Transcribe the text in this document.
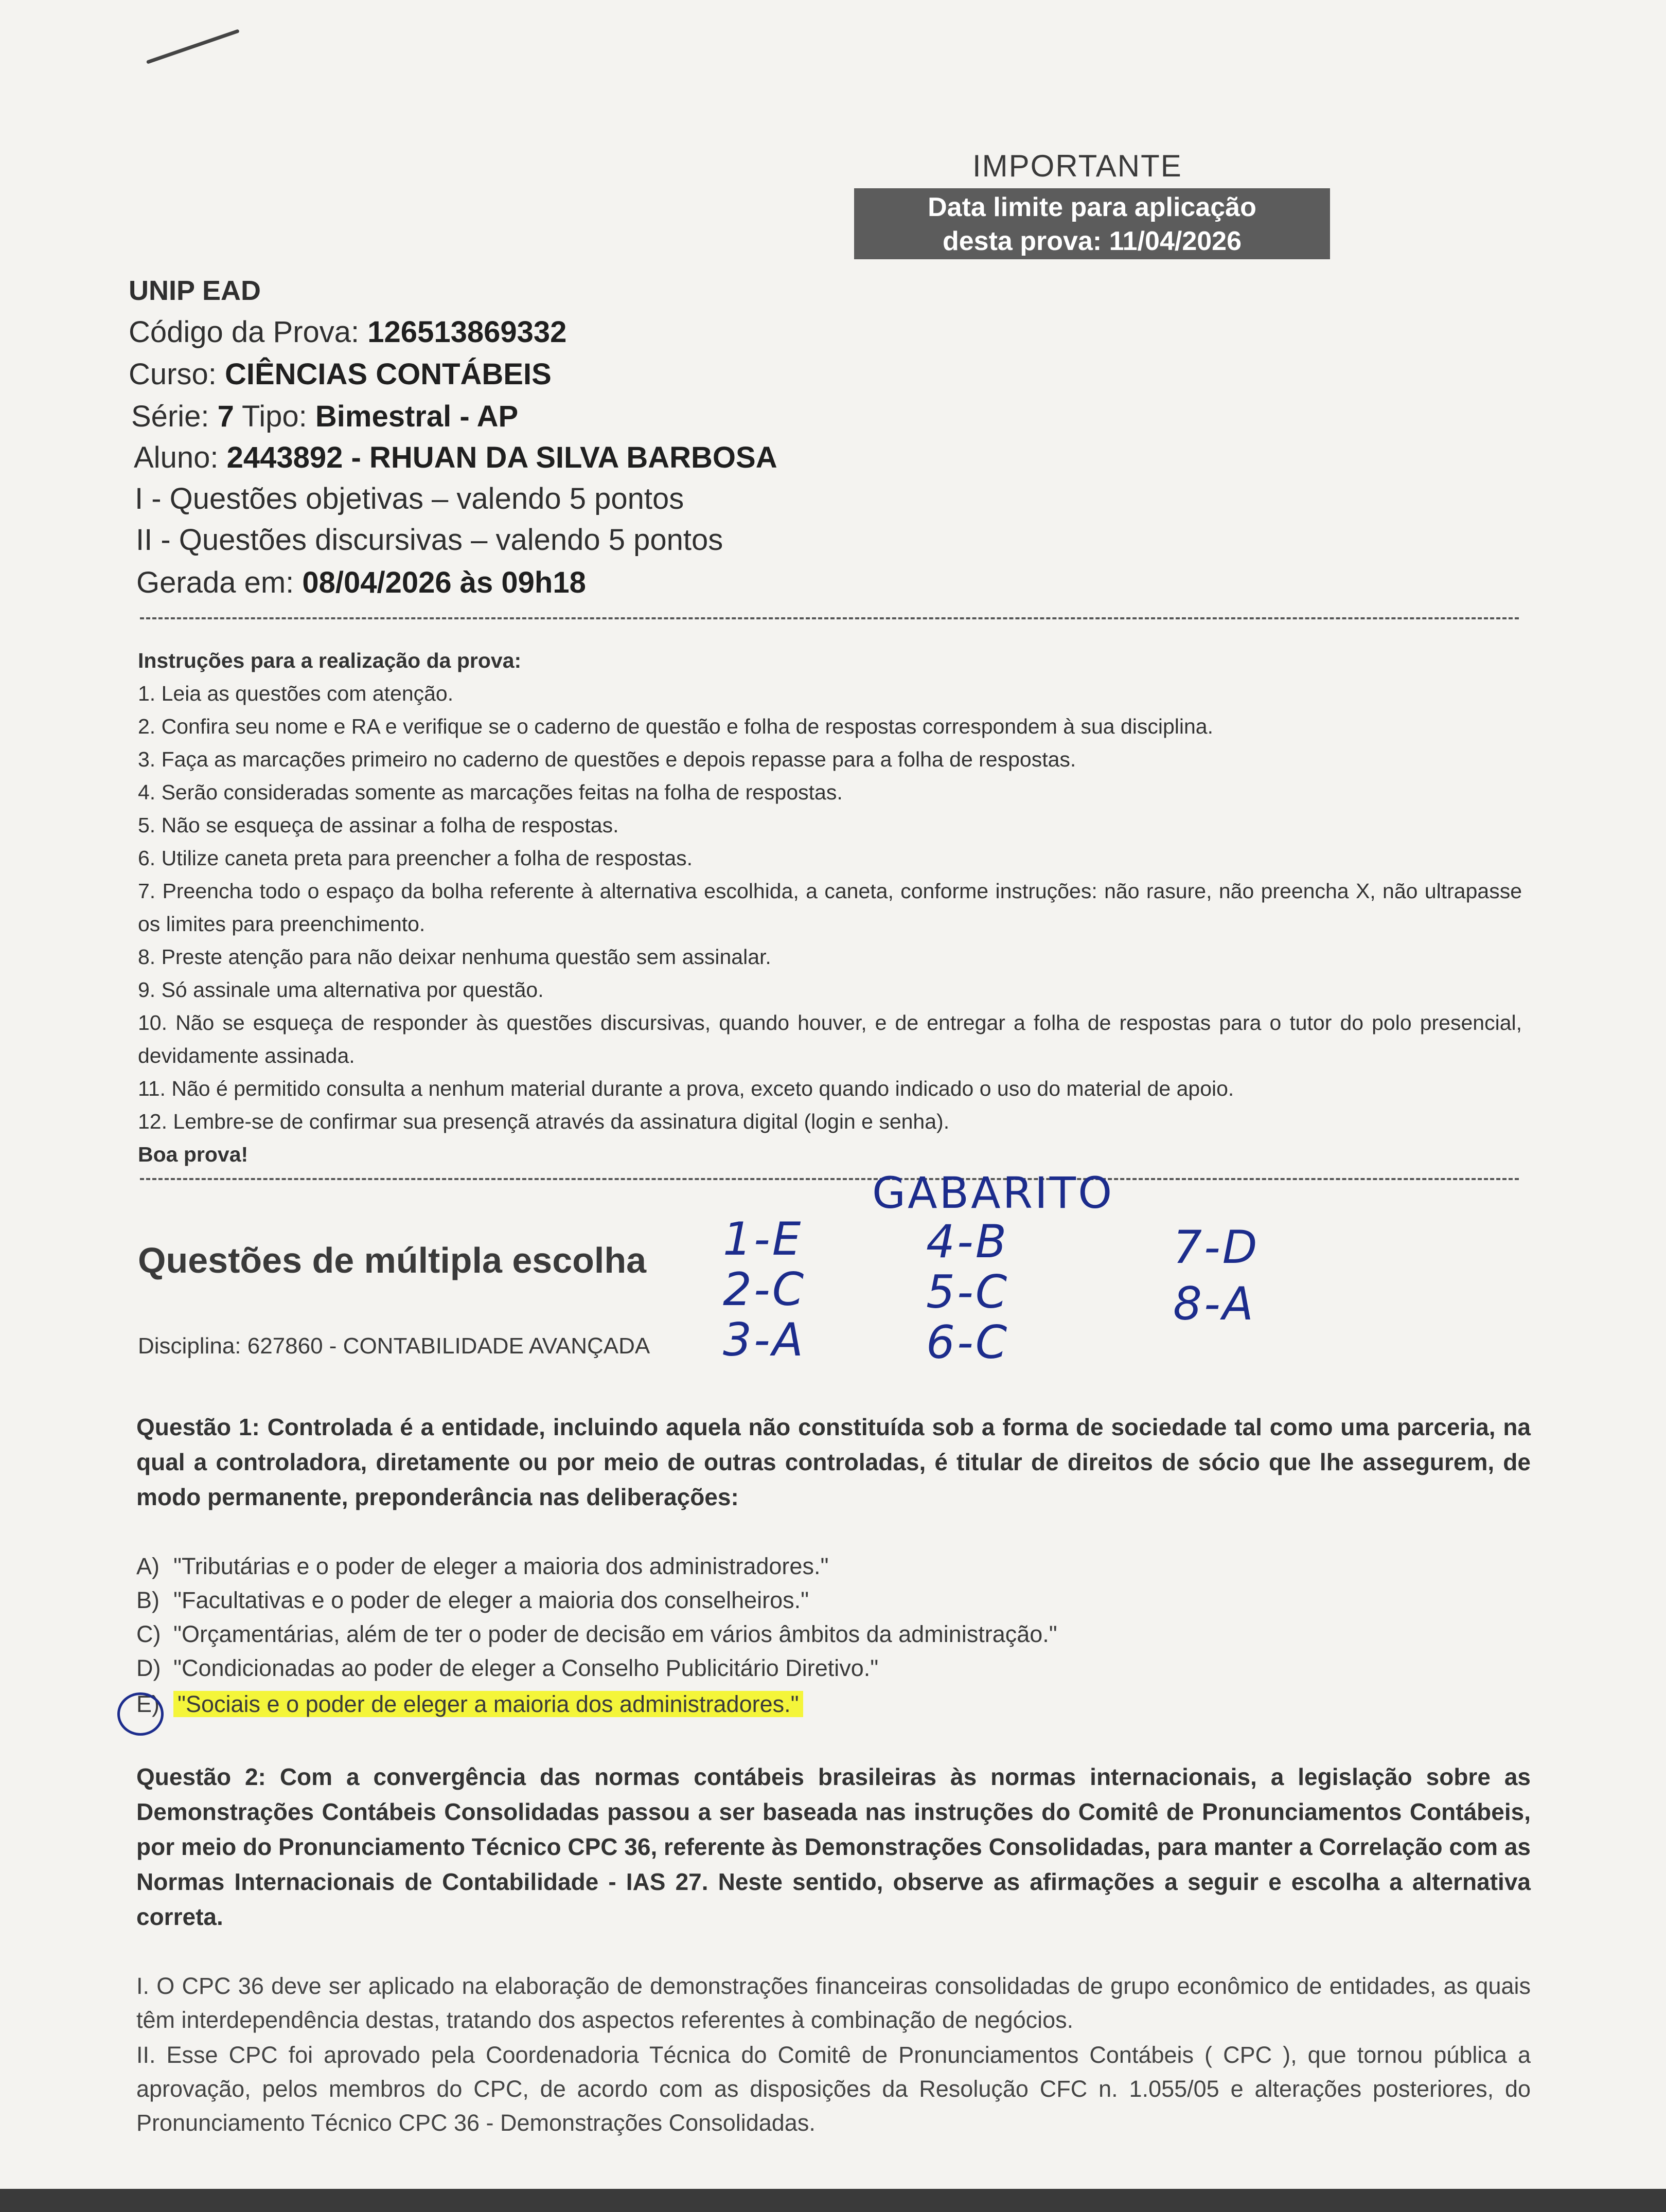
IMPORTANTE
Data limite para aplicação
desta prova: 11/04/2026
UNIP EAD
Código da Prova: 126513869332
Curso: CIÊNCIAS CONTÁBEIS
Série: 7 Tipo: Bimestral - AP
Aluno: 2443892 - RHUAN DA SILVA BARBOSA
I - Questões objetivas – valendo 5 pontos
II - Questões discursivas – valendo 5 pontos
Gerada em: 08/04/2026 às 09h18
Instruções para a realização da prova:
1. Leia as questões com atenção.
2. Confira seu nome e RA e verifique se o caderno de questão e folha de respostas correspondem à sua disciplina.
3. Faça as marcações primeiro no caderno de questões e depois repasse para a folha de respostas.
4. Serão consideradas somente as marcações feitas na folha de respostas.
5. Não se esqueça de assinar a folha de respostas.
6. Utilize caneta preta para preencher a folha de respostas.
7. Preencha todo o espaço da bolha referente à alternativa escolhida, a caneta, conforme instruções: não rasure, não preencha X, não ultrapasse os limites para preenchimento.
8. Preste atenção para não deixar nenhuma questão sem assinalar.
9. Só assinale uma alternativa por questão.
10. Não se esqueça de responder às questões discursivas, quando houver, e de entregar a folha de respostas para o tutor do polo presencial, devidamente assinada.
11. Não é permitido consulta a nenhum material durante a prova, exceto quando indicado o uso do material de apoio.
12. Lembre-se de confirmar sua presençã através da assinatura digital (login e senha).
Boa prova!
Questões de múltipla escolha
Disciplina: 627860 - CONTABILIDADE AVANÇADA
GABARITO
1-E
2-C
3-A
4-B
5-C
6-C
7-D
8-A
Questão 1: Controlada é a entidade, incluindo aquela não constituída sob a forma de sociedade tal como uma parceria, na qual a controladora, diretamente ou por meio de outras controladas, é titular de direitos de sócio que lhe assegurem, de modo permanente, preponderância nas deliberações:
A) "Tributárias e o poder de eleger a maioria dos administradores."
B) "Facultativas e o poder de eleger a maioria dos conselheiros."
C) "Orçamentárias, além de ter o poder de decisão em vários âmbitos da administração."
D) "Condicionadas ao poder de eleger a Conselho Publicitário Diretivo."
E) "Sociais e o poder de eleger a maioria dos administradores."
Questão 2: Com a convergência das normas contábeis brasileiras às normas internacionais, a legislação sobre as Demonstrações Contábeis Consolidadas passou a ser baseada nas instruções do Comitê de Pronunciamentos Contábeis, por meio do Pronunciamento Técnico CPC 36, referente às Demonstrações Consolidadas, para manter a Correlação com as Normas Internacionais de Contabilidade - IAS 27. Neste sentido, observe as afirmações a seguir e escolha a alternativa correta.
I. O CPC 36 deve ser aplicado na elaboração de demonstrações financeiras consolidadas de grupo econômico de entidades, as quais têm interdependência destas, tratando dos aspectos referentes à combinação de negócios.
II. Esse CPC foi aprovado pela Coordenadoria Técnica do Comitê de Pronunciamentos Contábeis ( CPC ), que tornou pública a aprovação, pelos membros do CPC, de acordo com as disposições da Resolução CFC n. 1.055/05 e alterações posteriores, do Pronunciamento Técnico CPC 36 - Demonstrações Consolidadas.
